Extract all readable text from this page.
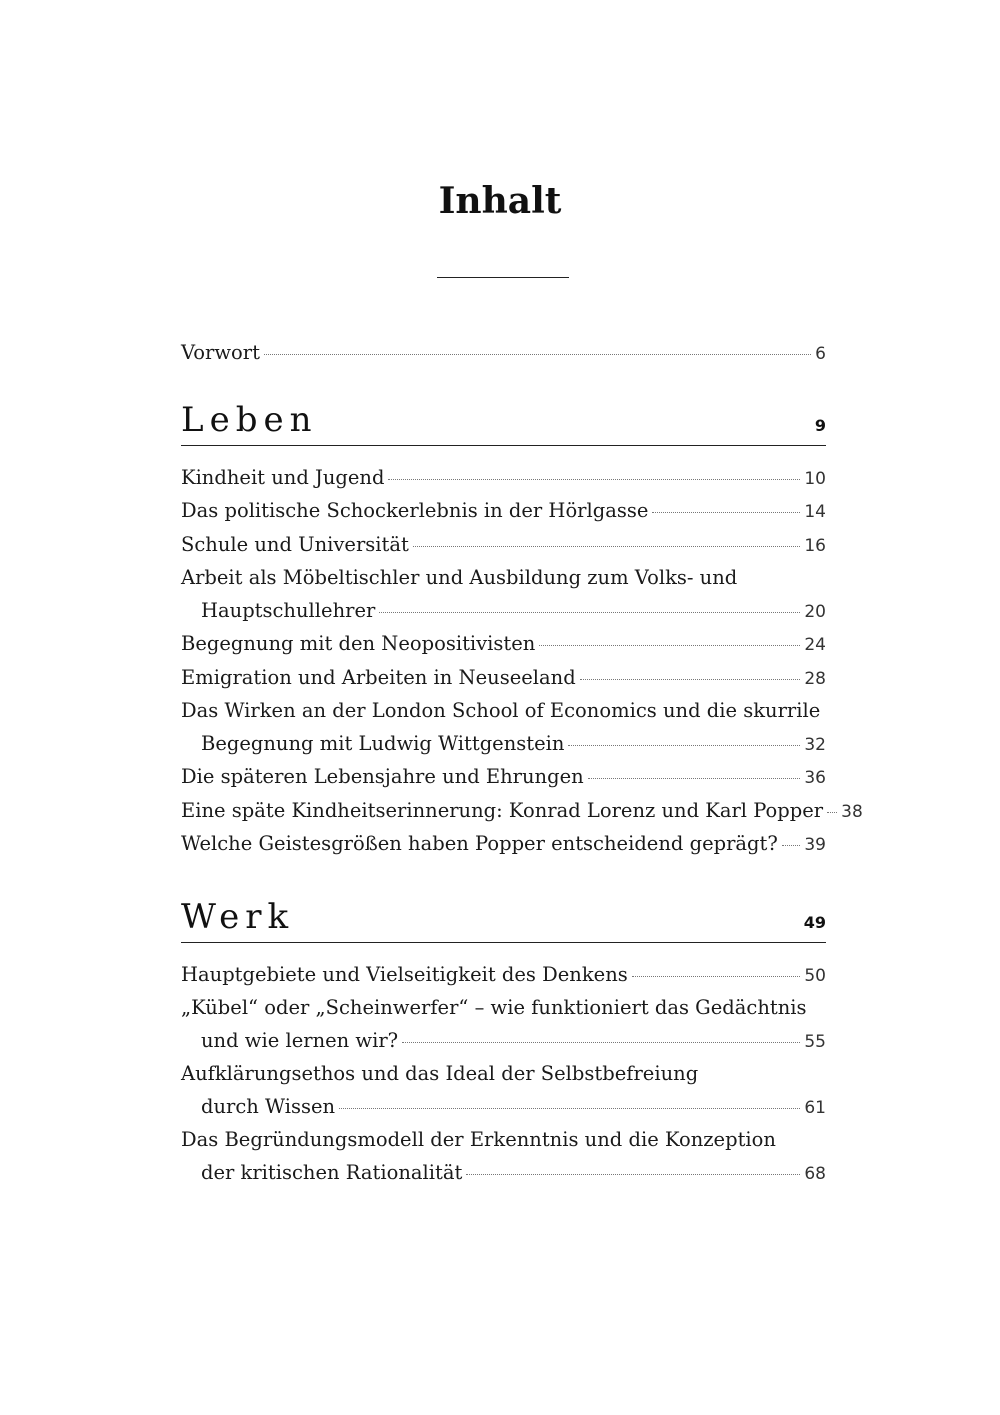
Inhalt
Vorwort	6
Leben	9
Kindheit und Jugend	10
Das politische Schockerlebnis in der Hörlgasse	14
Schule und Universität	16
Arbeit als Möbeltischler und Ausbildung zum Volks- und
Hauptschullehrer	20
Begegnung mit den Neopositivisten	24
Emigration und Arbeiten in Neuseeland	28
Das Wirken an der London School of Economics und die skurrile
Begegnung mit Ludwig Wittgenstein	32
Die späteren Lebensjahre und Ehrungen	36
Eine späte Kindheitserinnerung: Konrad Lorenz und Karl Popper 38
Welche Geistesgrößen haben Popper entscheidend geprägt? 39
Werk	49
Hauptgebiete und Vielseitigkeit des Denkens	50
„Kübel“ oder „Scheinwerfer“ – wie funktioniert das Gedächtnis
und wie lernen wir?	55
Aufklärungsethos und das Ideal der Selbstbefreiung
durch Wissen	61
Das Begründungsmodell der Erkenntnis und die Konzeption
der kritischen Rationalität	68
